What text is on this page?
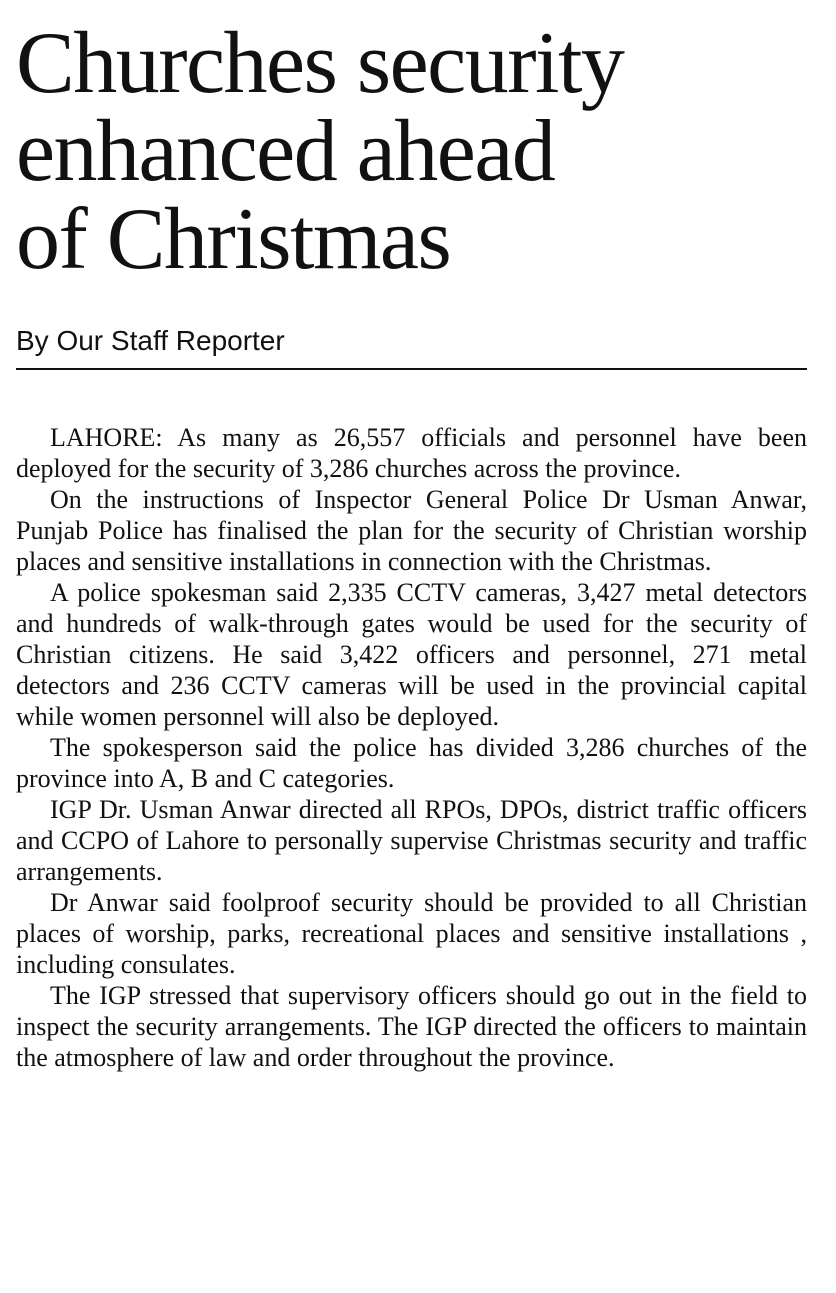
Churches security
enhanced ahead
of Christmas
By Our Staff Reporter

LAHORE: As many as 26,557 officials and personnel have been deployed for the security of 3,286 churches across the province.

On the instructions of Inspector General Police Dr Usman Anwar, Punjab Police has finalised the plan for the security of Christian worship places and sensitive installations in connection with the Christmas.

A police spokesman said 2,335 CCTV cameras, 3,427 metal detectors and hundreds of walk-through gates would be used for the security of Christian citizens. He said 3,422 officers and personnel, 271 metal detectors and 236 CCTV cameras will be used in the provincial capital while women personnel will also be deployed.

The spokesperson said the police has divided 3,286 churches of the province into A, B and C categories.

IGP Dr. Usman Anwar directed all RPOs, DPOs, district traffic officers and CCPO of Lahore to personally supervise Christmas security and traffic arrangements.

Dr Anwar said foolproof security should be provided to all Christian places of worship, parks, recreational places and sensitive installations , including consulates.

The IGP stressed that supervisory officers should go out in the field to inspect the security arrangements. The IGP directed the officers to maintain the atmosphere of law and order throughout the province.
